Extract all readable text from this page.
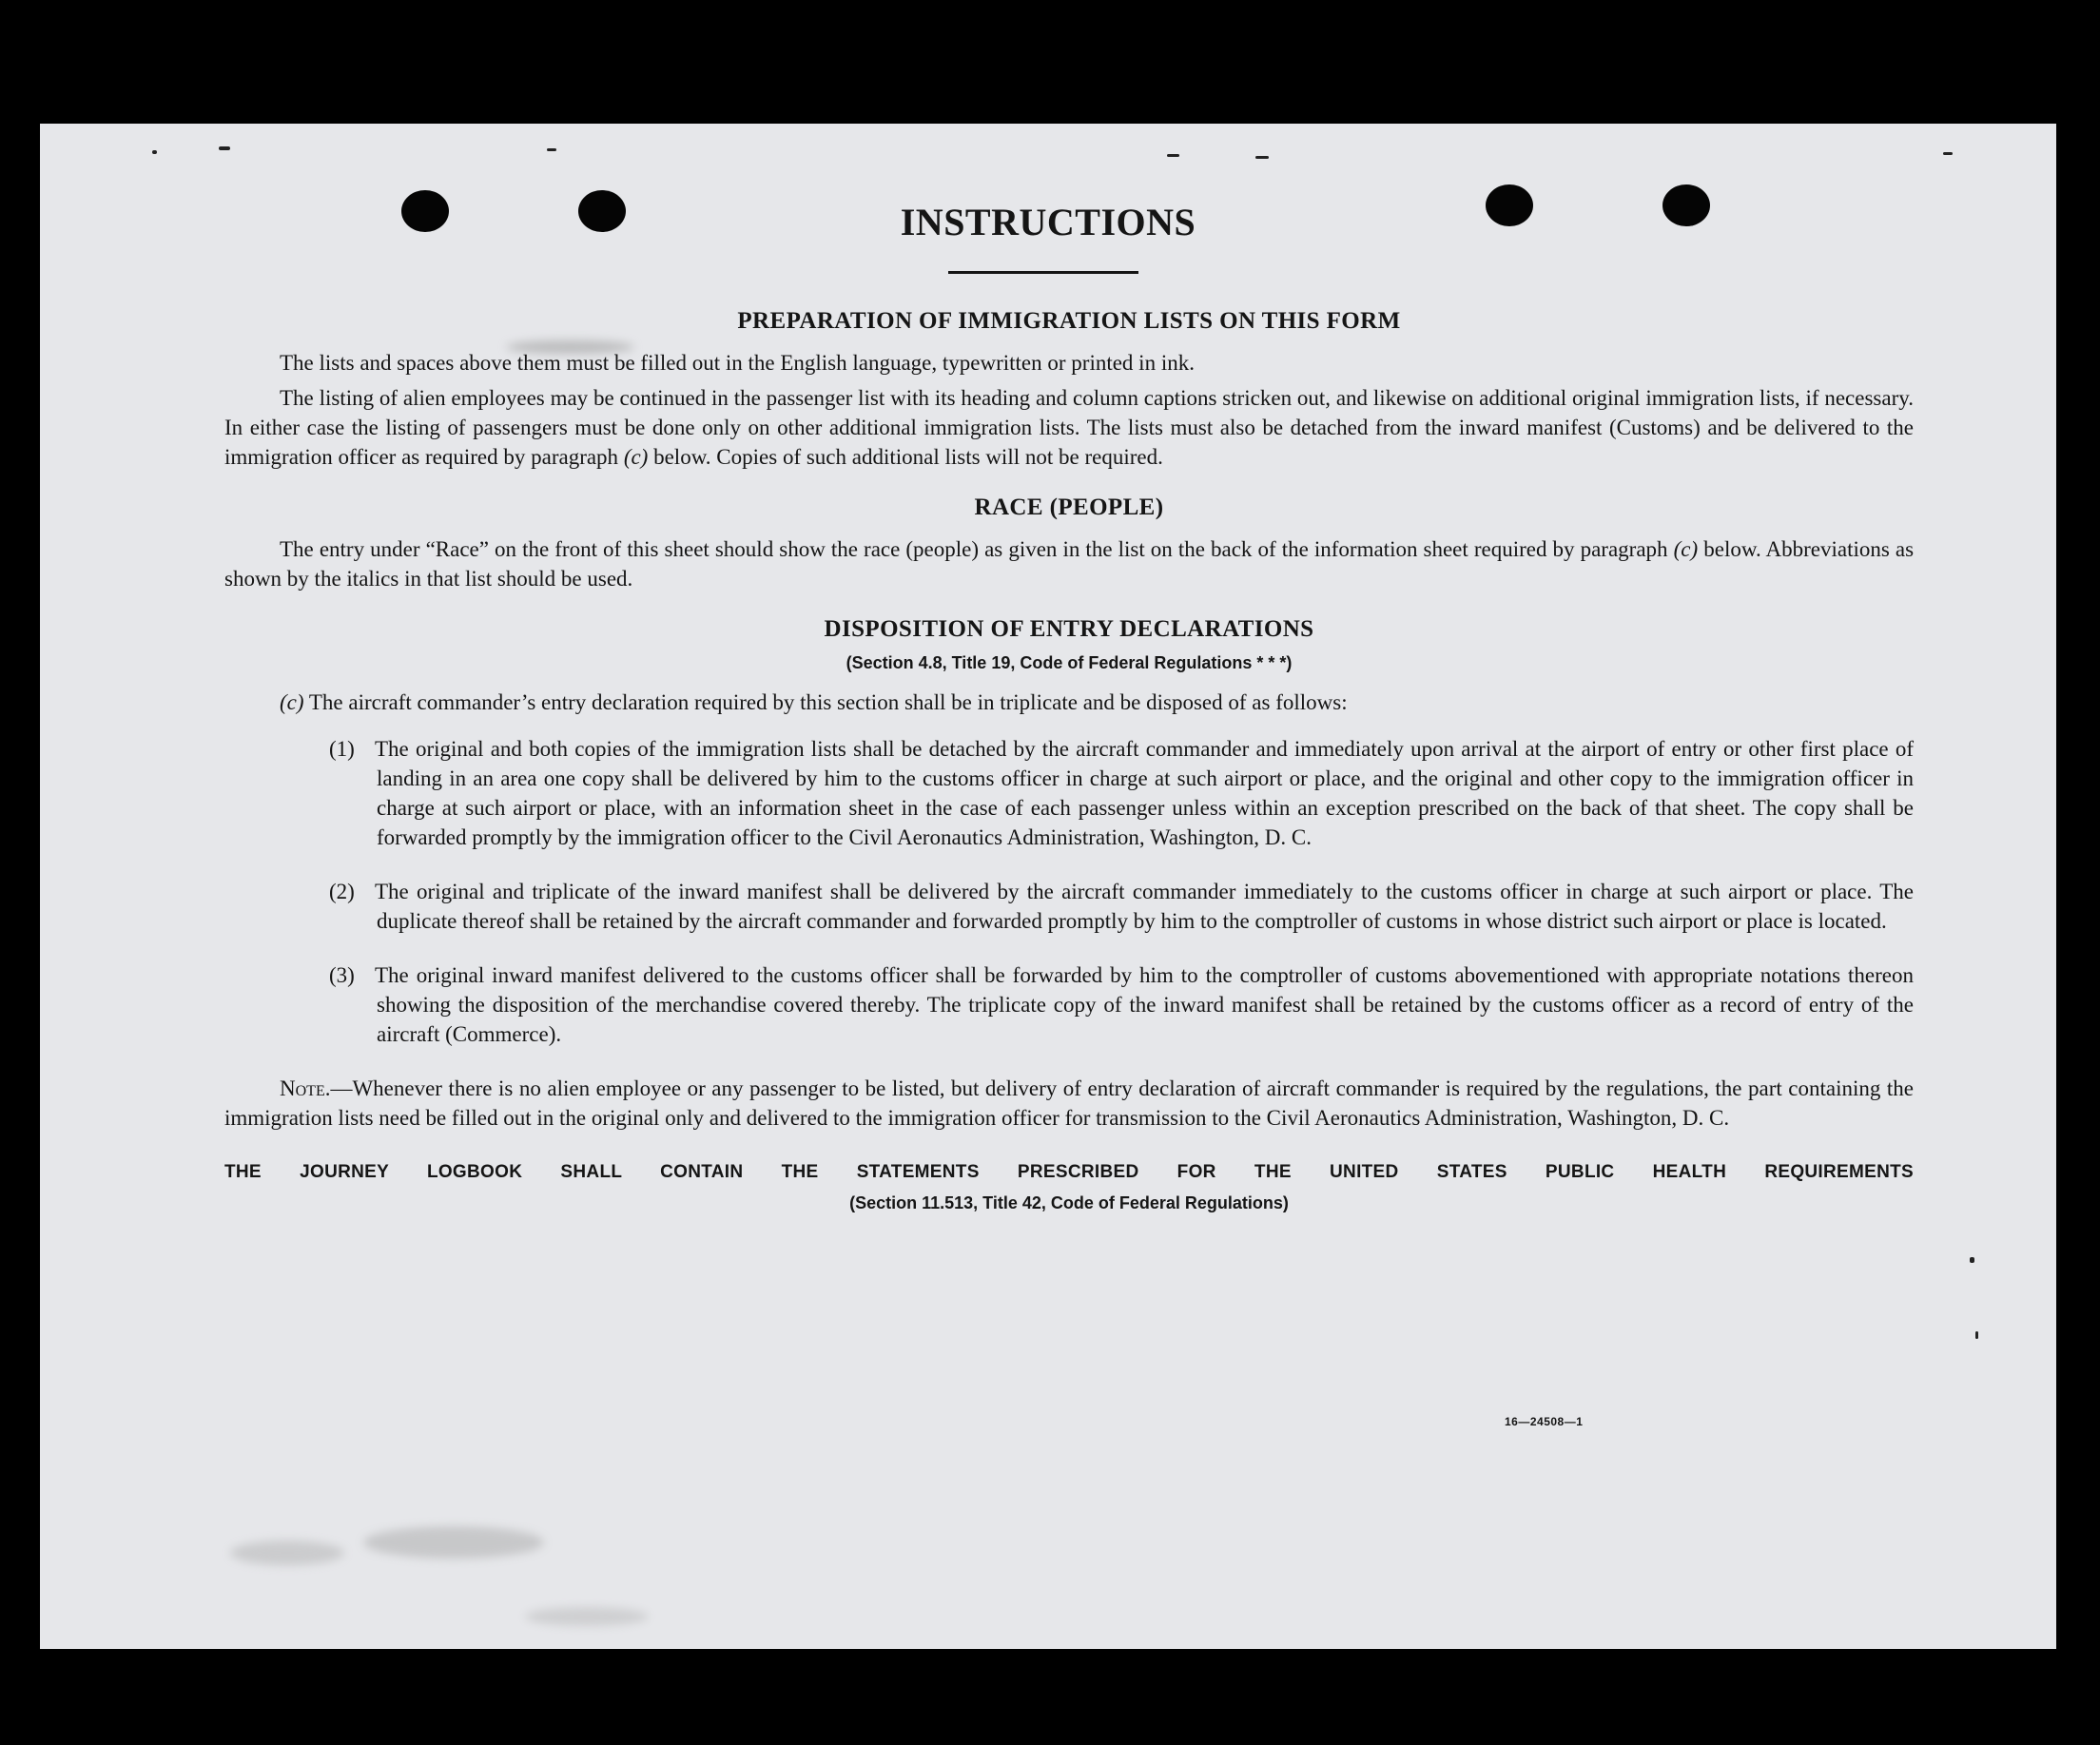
INSTRUCTIONS
PREPARATION OF IMMIGRATION LISTS ON THIS FORM

The lists and spaces above them must be filled out in the English language, typewritten or printed in ink.

The listing of alien employees may be continued in the passenger list with its heading and column captions stricken out, and likewise on additional original immigration lists, if necessary. In either case the listing of passengers must be done only on other additional immigration lists. The lists must also be detached from the inward manifest (Customs) and be delivered to the immigration officer as required by paragraph (c) below. Copies of such additional lists will not be required.

RACE (PEOPLE)

The entry under “Race” on the front of this sheet should show the race (people) as given in the list on the back of the information sheet required by paragraph (c) below. Abbreviations as shown by the italics in that list should be used.

DISPOSITION OF ENTRY DECLARATIONS
(Section 4.8, Title 19, Code of Federal Regulations * * *)

(c) The aircraft commander’s entry declaration required by this section shall be in triplicate and be disposed of as follows:

(1) The original and both copies of the immigration lists shall be detached by the aircraft commander and immediately upon arrival at the airport of entry or other first place of landing in an area one copy shall be delivered by him to the customs officer in charge at such airport or place, and the original and other copy to the immigration officer in charge at such airport or place, with an information sheet in the case of each passenger unless within an exception prescribed on the back of that sheet. The copy shall be forwarded promptly by the immigration officer to the Civil Aeronautics Administration, Washington, D. C.
(2) The original and triplicate of the inward manifest shall be delivered by the aircraft commander immediately to the customs officer in charge at such airport or place. The duplicate thereof shall be retained by the aircraft commander and forwarded promptly by him to the comptroller of customs in whose district such airport or place is located.
(3) The original inward manifest delivered to the customs officer shall be forwarded by him to the comptroller of customs abovementioned with appropriate notations thereon showing the disposition of the merchandise covered thereby. The triplicate copy of the inward manifest shall be retained by the customs officer as a record of entry of the aircraft (Commerce).

Note.—Whenever there is no alien employee or any passenger to be listed, but delivery of entry declaration of aircraft commander is required by the regulations, the part containing the immigration lists need be filled out in the original only and delivered to the immigration officer for transmission to the Civil Aeronautics Administration, Washington, D. C.

THE JOURNEY LOGBOOK SHALL CONTAIN THE STATEMENTS PRESCRIBED FOR THE UNITED STATES PUBLIC HEALTH REQUIREMENTS
(Section 11.513, Title 42, Code of Federal Regulations)
16—24508—1
